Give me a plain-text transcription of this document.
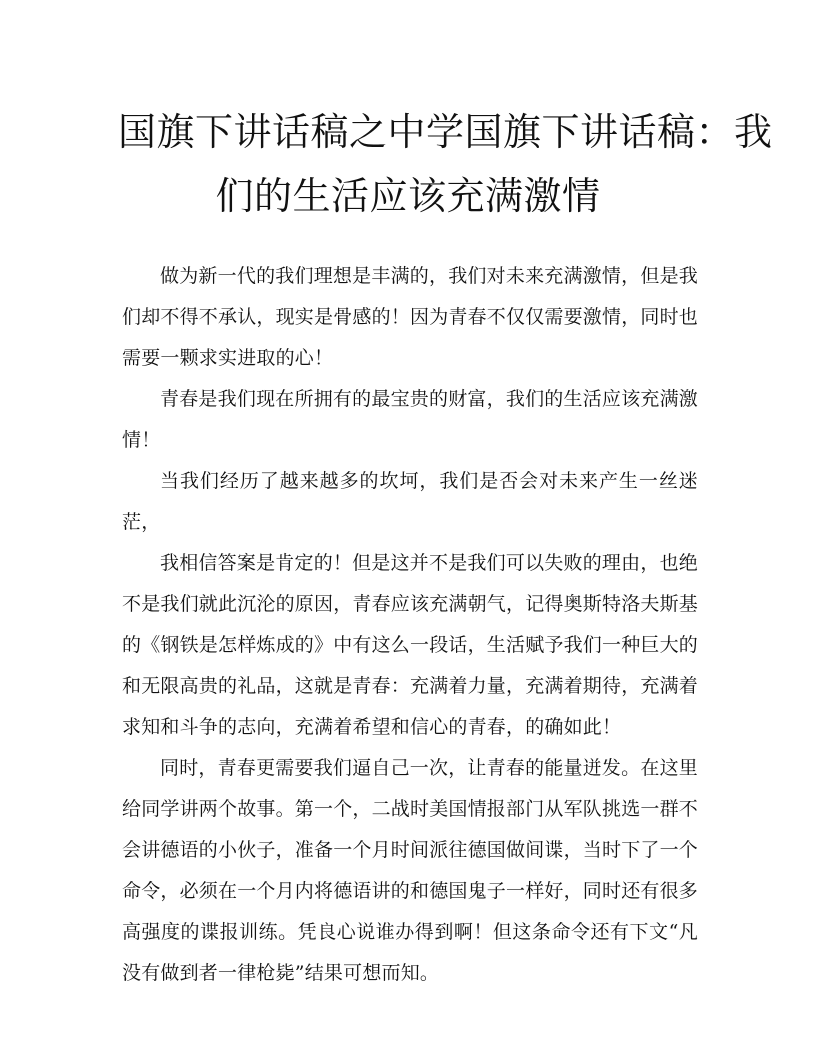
国旗下讲话稿之中学国旗下讲话稿：我
们的生活应该充满激情

做为新一代的我们理想是丰满的，我们对未来充满激情，但是我们却不得不承认，现实是骨感的！因为青春不仅仅需要激情，同时也需要一颗求实进取的心！

青春是我们现在所拥有的最宝贵的财富，我们的生活应该充满激情！

当我们经历了越来越多的坎坷，我们是否会对未来产生一丝迷茫，

我相信答案是肯定的！但是这并不是我们可以失败的理由，也绝不是我们就此沉沦的原因，青春应该充满朝气，记得奥斯特洛夫斯基的《钢铁是怎样炼成的》中有这么一段话，生活赋予我们一种巨大的和无限高贵的礼品，这就是青春：充满着力量，充满着期待，充满着求知和斗争的志向，充满着希望和信心的青春，的确如此！

同时，青春更需要我们逼自己一次，让青春的能量迸发。在这里给同学讲两个故事。第一个，二战时美国情报部门从军队挑选一群不会讲德语的小伙子，准备一个月时间派往德国做间谍，当时下了一个命令，必须在一个月内将德语讲的和德国鬼子一样好，同时还有很多高强度的谍报训练。凭良心说谁办得到啊！但这条命令还有下文“凡没有做到者一律枪毙”结果可想而知。
